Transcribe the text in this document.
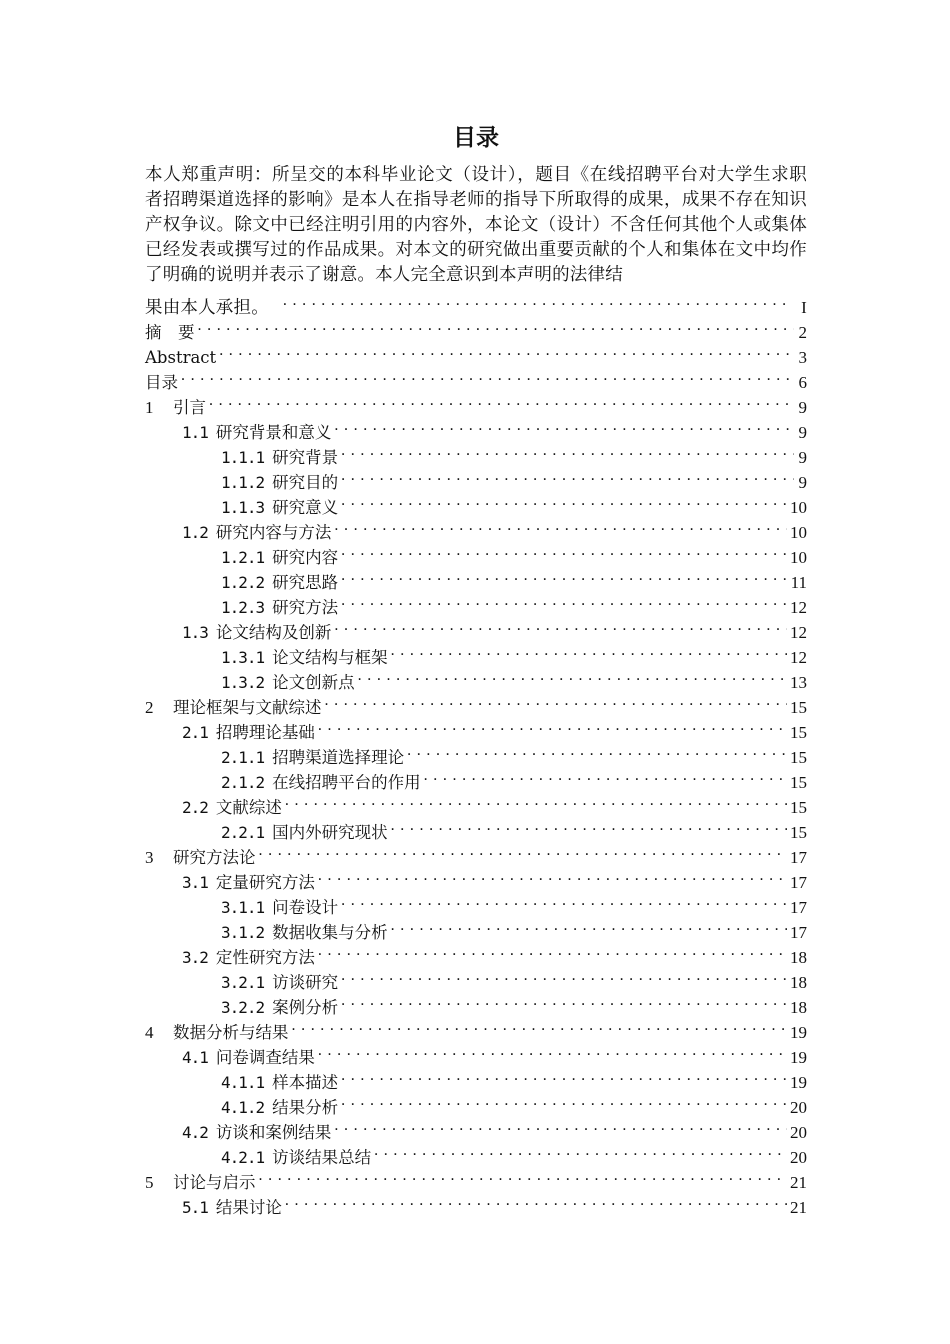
目录
本人郑重声明：所呈交的本科毕业论文（设计），题目《在线招聘平台对大学生求职者招聘渠道选择的影响》是本人在指导老师的指导下所取得的成果，成果不存在知识产权争议。除文中已经注明引用的内容外，本论文（设计）不含任何其他个人或集体已经发表或撰写过的作品成果。对本文的研究做出重要贡献的个人和集体在文中均作了明确的说明并表示了谢意。本人完全意识到本声明的法律结
果由本人承担。 . . .	I
摘　要 . . .	2
Abstract . . .	3
目录 . . .	6
1	引言 . . .	9
1.1 研究背景和意义 . . .	9
1.1.1 研究背景 . . .	9
1.1.2 研究目的 . . .	9
1.1.3 研究意义 . . .	10
1.2 研究内容与方法 . . .	10
1.2.1 研究内容 . . .	10
1.2.2 研究思路 . . .	11
1.2.3 研究方法 . . .	12
1.3 论文结构及创新 . . .	12
1.3.1 论文结构与框架 . . .	12
1.3.2 论文创新点 . . .	13
2	理论框架与文献综述 . . .	15
2.1 招聘理论基础 . . .	15
2.1.1 招聘渠道选择理论 . . .	15
2.1.2 在线招聘平台的作用 . . .	15
2.2 文献综述 . . .	15
2.2.1 国内外研究现状 . . .	15
3	研究方法论 . . .	17
3.1 定量研究方法 . . .	17
3.1.1 问卷设计 . . .	17
3.1.2 数据收集与分析 . . .	17
3.2 定性研究方法 . . .	18
3.2.1 访谈研究 . . .	18
3.2.2 案例分析 . . .	18
4	数据分析与结果 . . .	19
4.1 问卷调查结果 . . .	19
4.1.1 样本描述 . . .	19
4.1.2 结果分析 . . .	20
4.2 访谈和案例结果 . . .	20
4.2.1 访谈结果总结 . . .	20
5	讨论与启示 . . .	21
5.1 结果讨论 . . .	21
